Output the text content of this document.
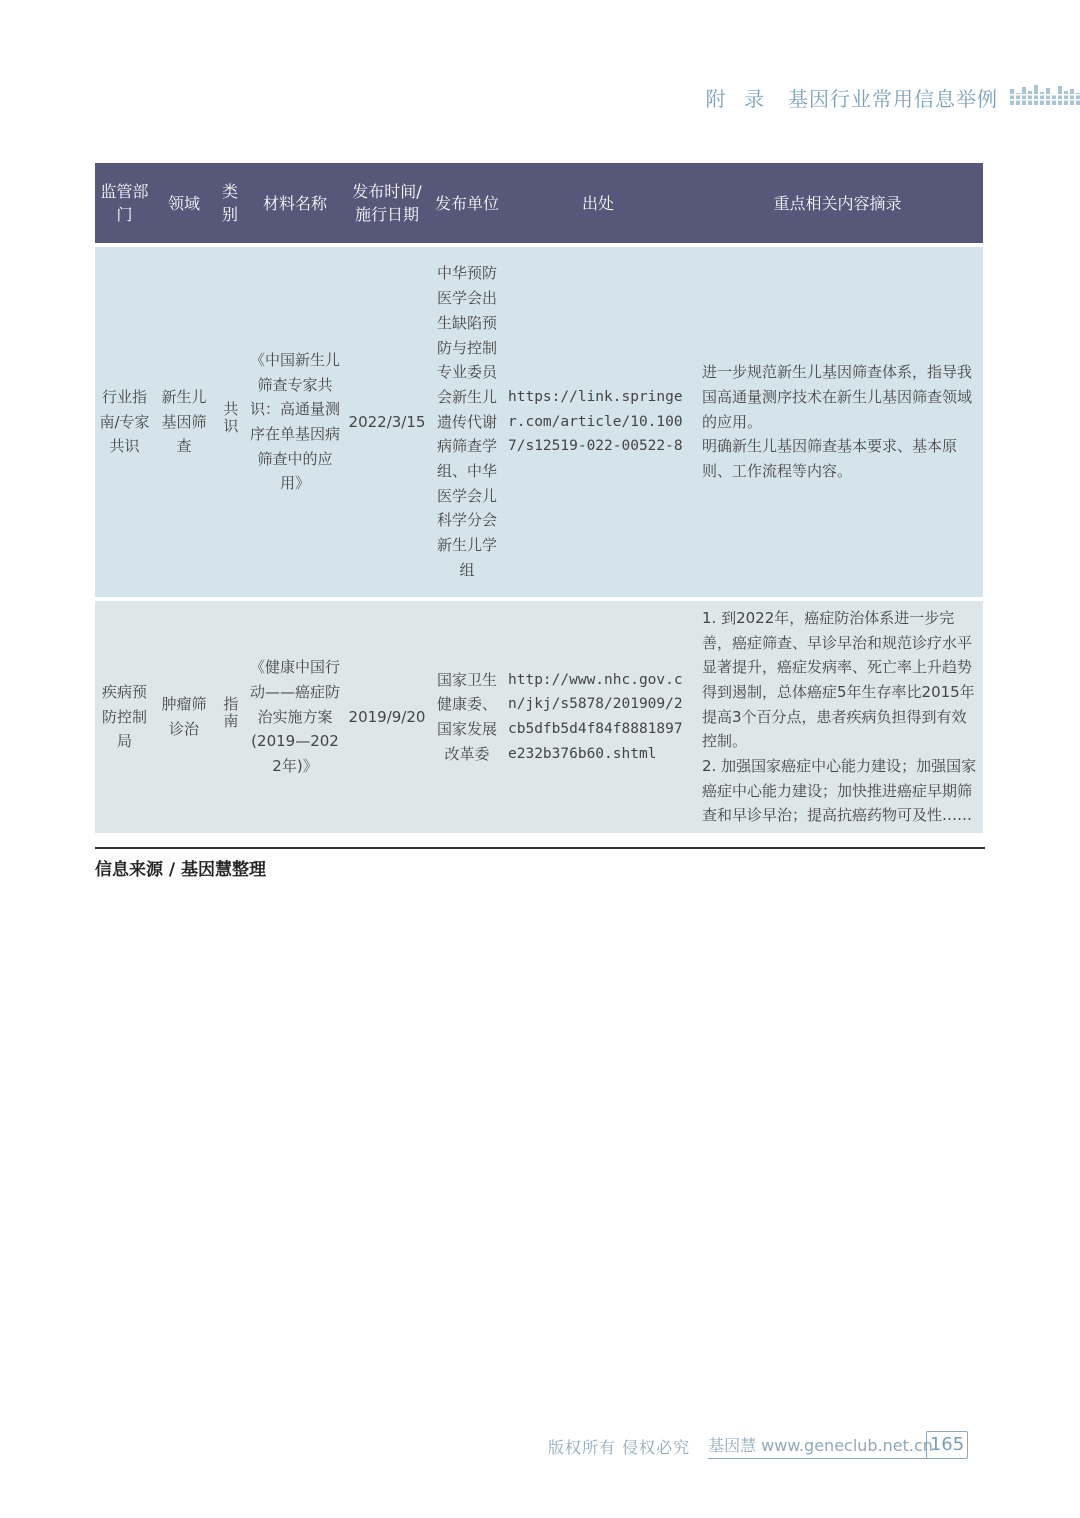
附 录 基因行业常用信息举例
监管部门	领域	类别	材料名称	发布时间/施行日期	发布单位	出处	重点相关内容摘录
行业指南/专家共识	新生儿基因筛查	共识	《中国新生儿筛查专家共识：高通量测序在单基因病筛查中的应用》	2022/3/15	中华预防医学会出生缺陷预防与控制专业委员会新生儿遗传代谢病筛查学组、中华医学会儿科学分会新生儿学组	https://link.springer.com/article/10.1007/s12519-022-00522-8	进一步规范新生儿基因筛查体系，指导我国高通量测序技术在新生儿基因筛查领域的应用。
明确新生儿基因筛查基本要求、基本原则、工作流程等内容。

疾病预防控制局	肿瘤筛诊治	指南	《健康中国行动——癌症防治实施方案(2019—2022年)》	2019/9/20	国家卫生健康委、国家发展改革委	http://www.nhc.gov.cn/jkj/s5878/201909/2cb5dfb5d4f84f8881897e232b376b60.shtml	1. 到2022年，癌症防治体系进一步完善，癌症筛查、早诊早治和规范诊疗水平显著提升，癌症发病率、死亡率上升趋势得到遏制，总体癌症5年生存率比2015年提高3个百分点，患者疾病负担得到有效控制。
2. 加强国家癌症中心能力建设；加强国家癌症中心能力建设；加快推进癌症早期筛查和早诊早治；提高抗癌药物可及性……
信息来源 / 基因慧整理
版权所有 侵权必究 基因慧 www.geneclub.net.cn
165
